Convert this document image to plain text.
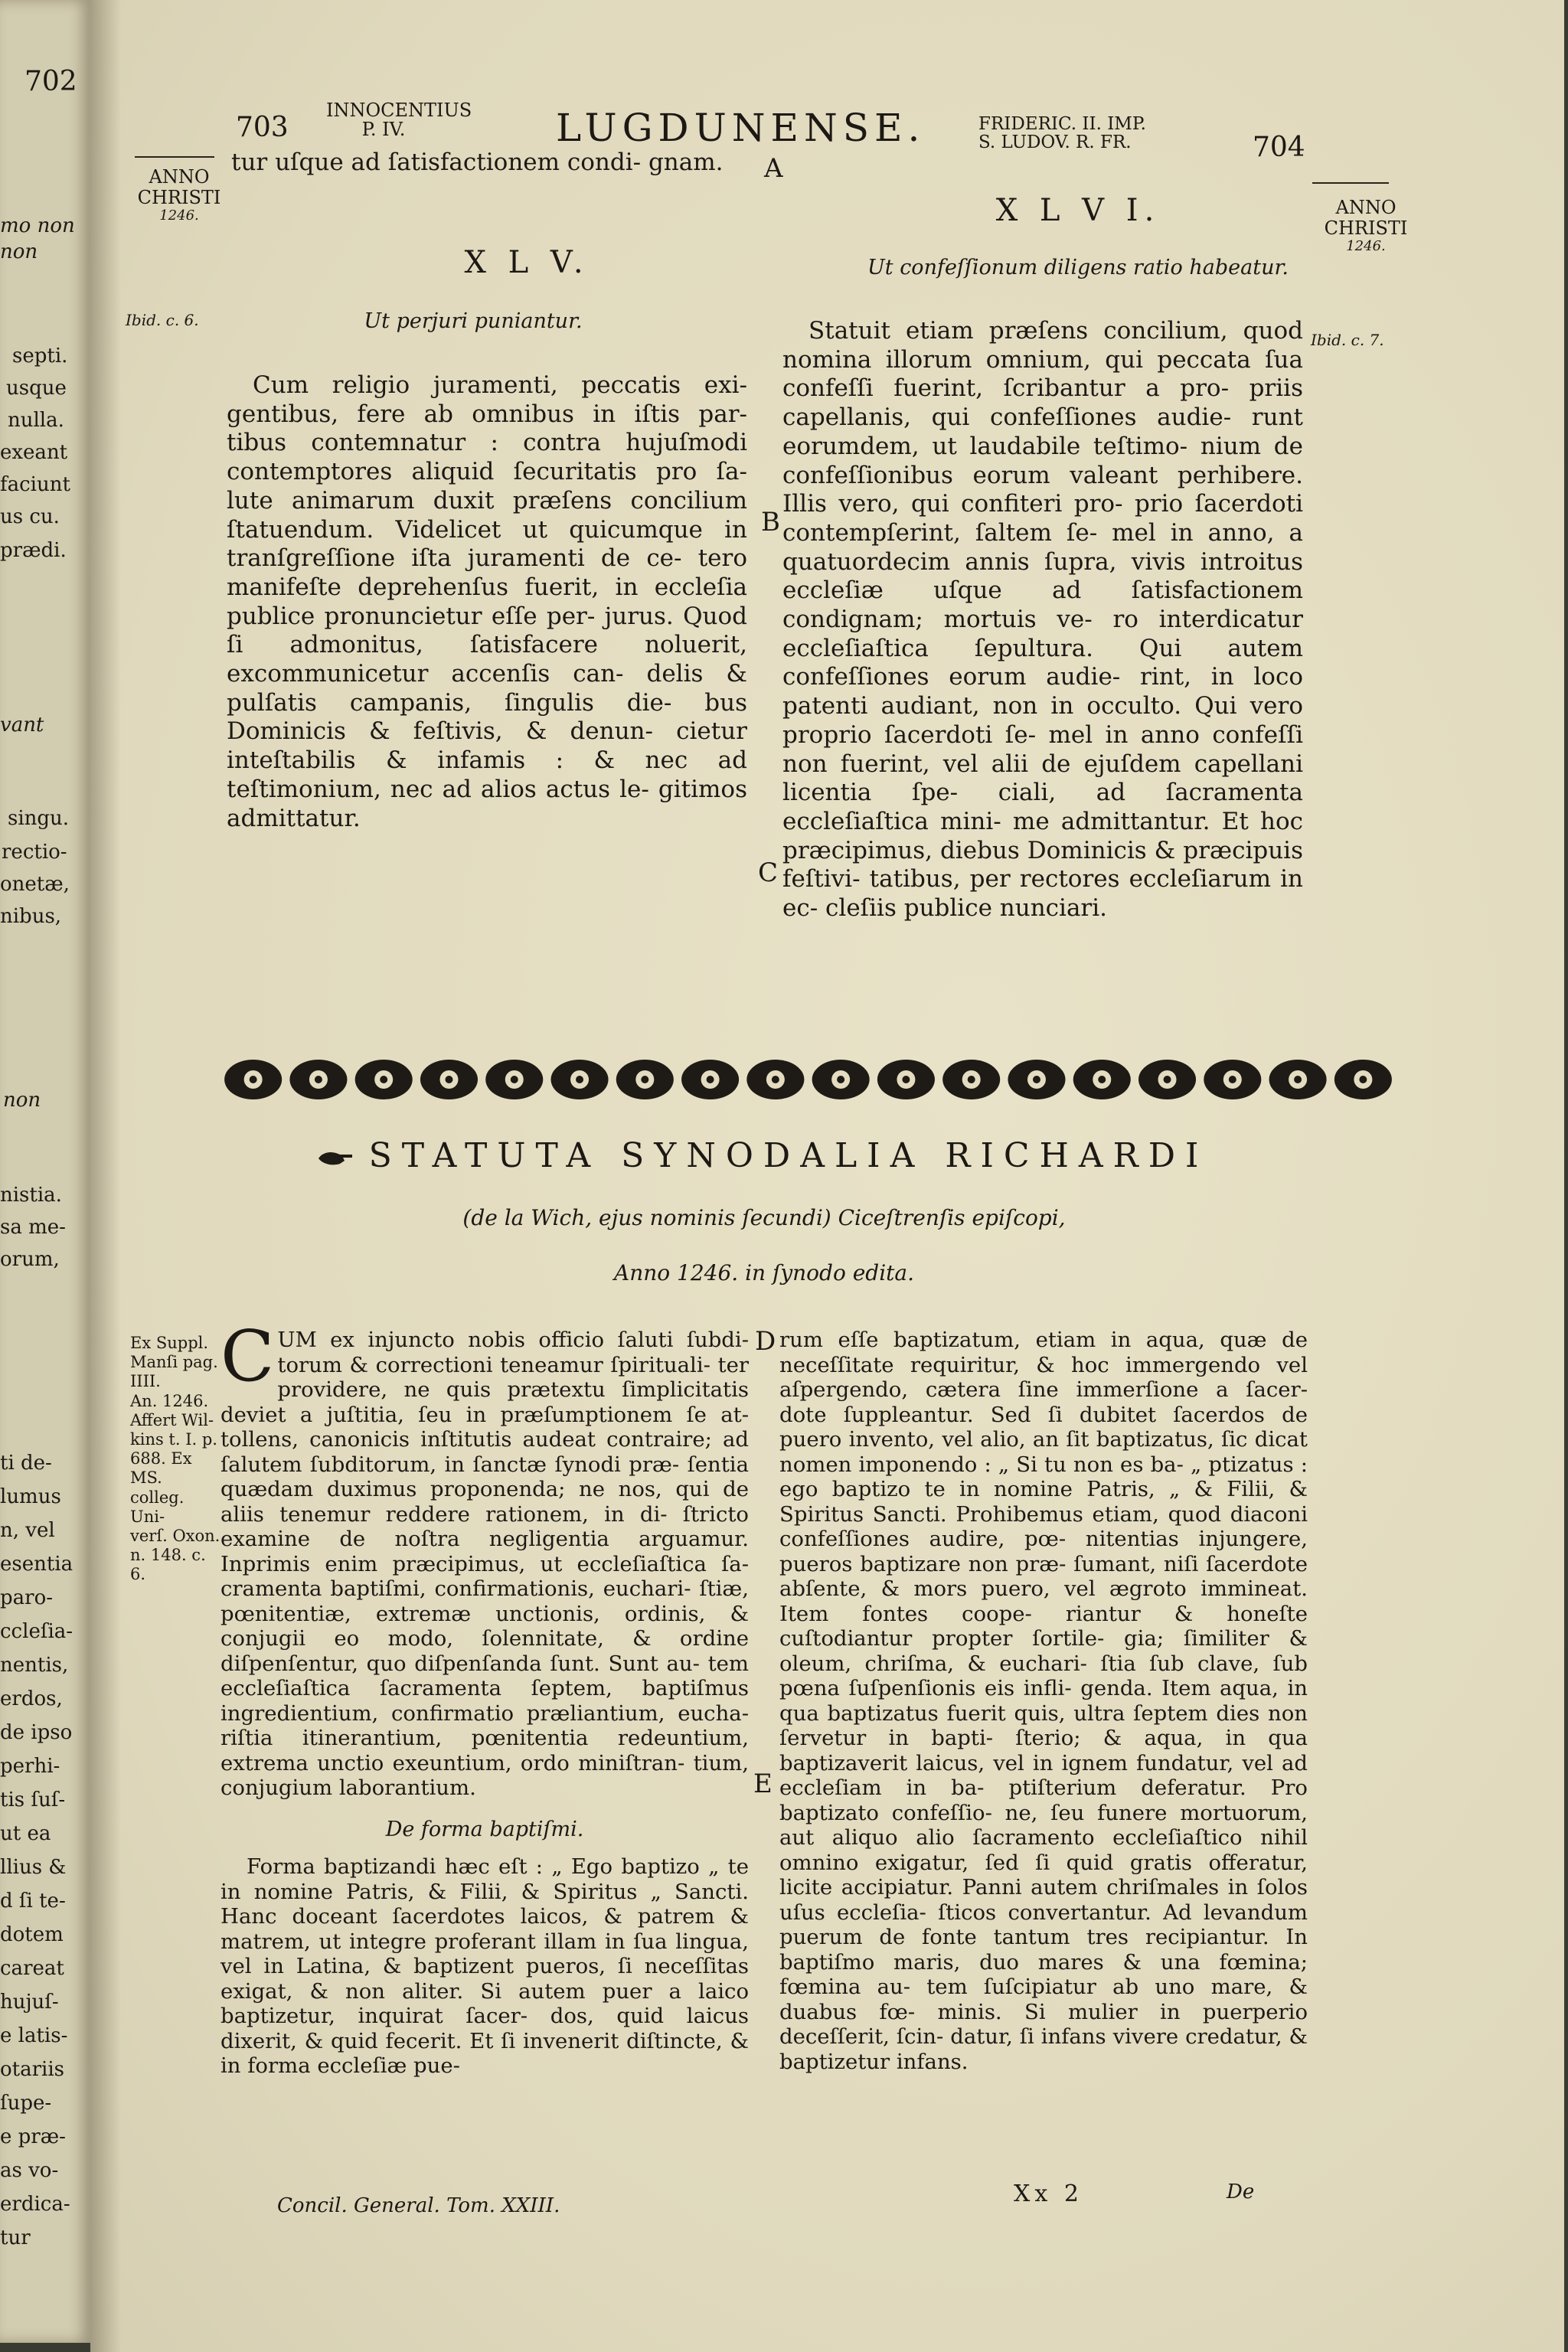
702
mo non
non
septi.
usque
nulla.
exeant
faciunt
us cu.
prædi.
vant
singu.
rectio-
onetæ,
nibus,
non
nistia.
sa me-
orum,
ti de-
lumus
n, vel
esentia
paro-
ccleſia-
nentis,
erdos,
de ipso
perhi-
tis ſuſ-
ut ea
llius &
d ſi te-
dotem
careat
hujuſ-
e latis-
otariis
ſupe-
e præ-
as vo-
erdica-
tur
703
INNOCENTIUS
P. IV.	LUGDUNENSE.	FRIDERIC. II. IMP.
S. LUDOV. R. FR.	704
ANNO
CHRISTI
1246.	ANNO
CHRISTI
1246.
tur uſque ad ſatisfactionem condi- gnam.	A
B
C
D
E
X L V.
Ibid. c. 6.	Ut perjuri puniantur.

Cum religio juramenti, peccatis exi- gentibus, fere ab omnibus in iſtis par- tibus contemnatur : contra hujuſmodi contemptores aliquid ſecuritatis pro ſa- lute animarum duxit præſens concilium ſtatuendum. Videlicet ut quicumque in tranſgreſſione iſta juramenti de ce- tero manifeſte deprehenſus fuerit, in eccleſia publice pronuncietur eſſe per- jurus. Quod ſi admonitus, ſatisfacere noluerit, excommunicetur accenſis can- delis & pulſatis campanis, ſingulis die- bus Dominicis & feſtivis, & denun- cietur inteſtabilis & infamis : & nec ad teſtimonium, nec ad alios actus le- gitimos admittatur.

X L V I.
Ut confeſſionum diligens ratio habeatur.
Ibid. c. 7.

Statuit etiam præſens concilium, quod nomina illorum omnium, qui peccata ſua confeſſi fuerint, ſcribantur a pro- priis capellanis, qui confeſſiones audie- runt eorumdem, ut laudabile teſtimo- nium de confeſſionibus eorum valeant perhibere. Illis vero, qui confiteri pro- prio ſacerdoti contempſerint, ſaltem ſe- mel in anno, a quatuordecim annis ſupra, vivis introitus eccleſiæ uſque ad ſatisfactionem condignam; mortuis ve- ro interdicatur eccleſiaſtica ſepultura. Qui autem confeſſiones eorum audie- rint, in loco patenti audiant, non in occulto. Qui vero proprio ſacerdoti ſe- mel in anno confeſſi non fuerint, vel alii de ejuſdem capellani licentia ſpe- ciali, ad ſacramenta eccleſiaſtica mini- me admittantur. Et hoc præcipimus, diebus Dominicis & præcipuis feſtivi- tatibus, per rectores eccleſiarum in ec- cleſiis publice nunciari.

STATUTA SYNODALIA RICHARDI
(de la Wich, ejus nominis ſecundi) Ciceſtrenſis epiſcopi,
Anno 1246. in ſynodo edita.
Ex Suppl.
Manſi pag.
IIII.
An. 1246.
Affert Wil-
kins t. I. p.
688. Ex MS.
colleg. Uni-
verſ. Oxon.
n. 148. c. 6.

CUM ex injuncto nobis officio ſaluti ſubdi- torum & correctioni teneamur ſpirituali- ter providere, ne quis prætextu ſimplicitatis deviet a juſtitia, ſeu in præſumptionem ſe at- tollens, canonicis inſtitutis audeat contraire; ad ſalutem ſubditorum, in ſanctæ ſynodi præ- ſentia quædam duximus proponenda; ne nos, qui de aliis tenemur reddere rationem, in di- ſtricto examine de noſtra negligentia arguamur. Inprimis enim præcipimus, ut eccleſiaſtica ſa- cramenta baptiſmi, confirmationis, euchari- ſtiæ, pœnitentiæ, extremæ unctionis, ordinis, & conjugii eo modo, ſolennitate, & ordine diſpenſentur, quo diſpenſanda ſunt. Sunt au- tem eccleſiaſtica ſacramenta ſeptem, baptiſmus ingredientium, confirmatio præliantium, eucha- riſtia itinerantium, pœnitentia redeuntium, extrema unctio exeuntium, ordo miniſtran- tium, conjugium laborantium.

De forma baptiſmi.

Forma baptizandi hæc eſt : „ Ego baptizo „ te in nomine Patris, & Filii, & Spiritus „ Sancti. Hanc doceant ſacerdotes laicos, & patrem & matrem, ut integre proferant illam in ſua lingua, vel in Latina, & baptizent pueros, ſi neceſſitas exigat, & non aliter. Si autem puer a laico baptizetur, inquirat ſacer- dos, quid laicus dixerit, & quid fecerit. Et ſi invenerit diſtincte, & in forma eccleſiæ pue-

rum eſſe baptizatum, etiam in aqua, quæ de neceſſitate requiritur, & hoc immergendo vel aſpergendo, cætera ſine immerſione a ſacer- dote ſuppleantur. Sed ſi dubitet ſacerdos de puero invento, vel alio, an ſit baptizatus, ſic dicat nomen imponendo : „ Si tu non es ba- „ ptizatus : ego baptizo te in nomine Patris, „ & Filii, & Spiritus Sancti. Prohibemus etiam, quod diaconi confeſſiones audire, pœ- nitentias injungere, pueros baptizare non præ- ſumant, niſi ſacerdote abſente, & mors puero, vel ægroto immineat. Item fontes coope- riantur & honeſte cuſtodiantur propter ſortile- gia; ſimiliter & oleum, chriſma, & euchari- ſtia ſub clave, ſub pœna ſuſpenſionis eis infli- genda. Item aqua, in qua baptizatus fuerit quis, ultra ſeptem dies non ſervetur in bapti- ſterio; & aqua, in qua baptizaverit laicus, vel in ignem fundatur, vel ad eccleſiam in ba- ptiſterium deferatur. Pro baptizato confeſſio- ne, ſeu funere mortuorum, aut aliquo alio ſacramento eccleſiaſtico nihil omnino exigatur, ſed ſi quid gratis offeratur, licite accipiatur. Panni autem chriſmales in ſolos uſus eccleſia- ſticos convertantur. Ad levandum puerum de fonte tantum tres recipiantur. In baptiſmo maris, duo mares & una fœmina; fœmina au- tem ſuſcipiatur ab uno mare, & duabus fœ- minis. Si mulier in puerperio deceſſerit, ſcin- datur, ſi infans vivere credatur, & baptizetur infans.

Concil. General. Tom. XXIII.	Xx 2	De
